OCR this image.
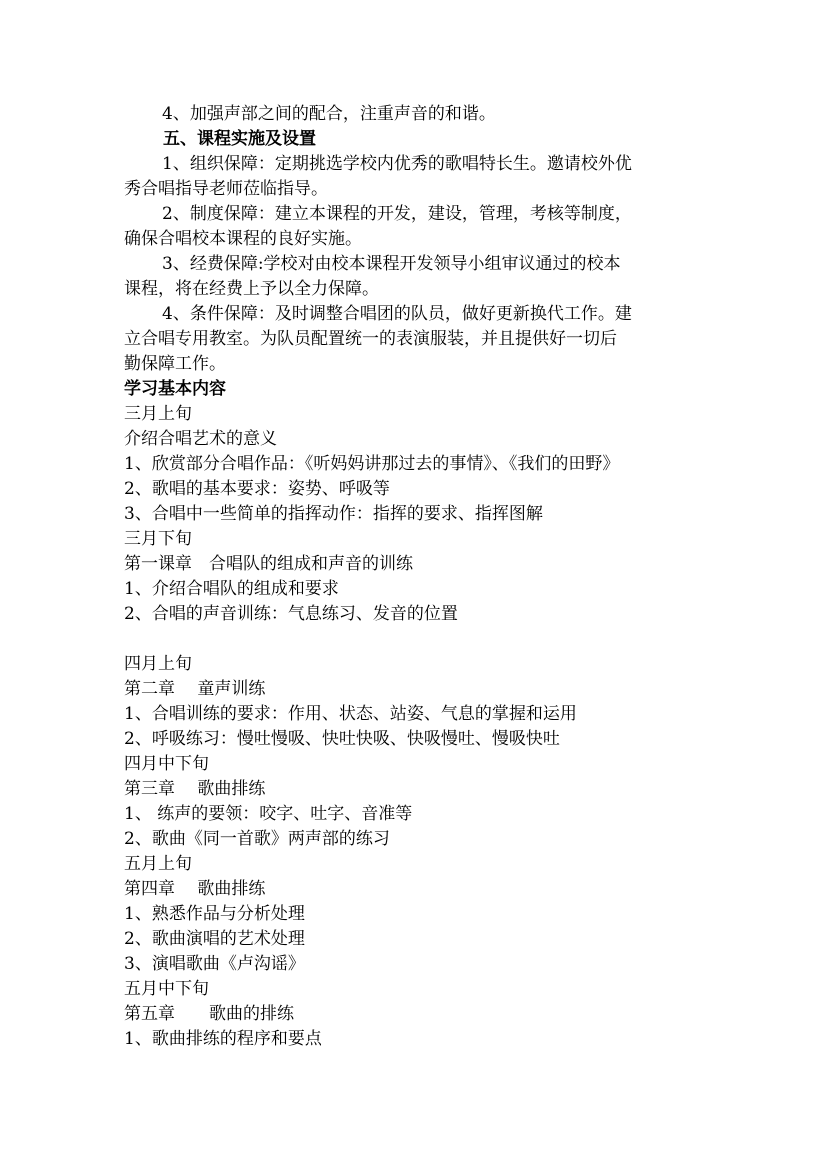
4、加强声部之间的配合，注重声音的和谐。
五、课程实施及设置
1、组织保障：定期挑选学校内优秀的歌唱特长生。邀请校外优
秀合唱指导老师莅临指导。
2、制度保障：建立本课程的开发，建设，管理，考核等制度，
确保合唱校本课程的良好实施。
3、经费保障:学校对由校本课程开发领导小组审议通过的校本
课程，将在经费上予以全力保障。
4、条件保障：及时调整合唱团的队员，做好更新换代工作。建
立合唱专用教室。为队员配置统一的表演服装，并且提供好一切后
勤保障工作。
学习基本内容
三月上旬
介绍合唱艺术的意义
1、欣赏部分合唱作品：《听妈妈讲那过去的事情》、《我们的田野》
2、歌唱的基本要求：姿势、呼吸等
3、合唱中一些简单的指挥动作：指挥的要求、指挥图解
三月下旬
第一课章　合唱队的组成和声音的训练
1、介绍合唱队的组成和要求
2、合唱的声音训练：气息练习、发音的位置
四月上旬
第二章　 童声训练
1、合唱训练的要求：作用、状态、站姿、气息的掌握和运用
2、呼吸练习：慢吐慢吸、快吐快吸、快吸慢吐、慢吸快吐
四月中下旬
第三章　 歌曲排练
1、 练声的要领：咬字、吐字、音准等
2、歌曲《同一首歌》两声部的练习
五月上旬
第四章　 歌曲排练
1、熟悉作品与分析处理
2、歌曲演唱的艺术处理
3、演唱歌曲《卢沟谣》
五月中下旬
第五章　　歌曲的排练
1、歌曲排练的程序和要点
